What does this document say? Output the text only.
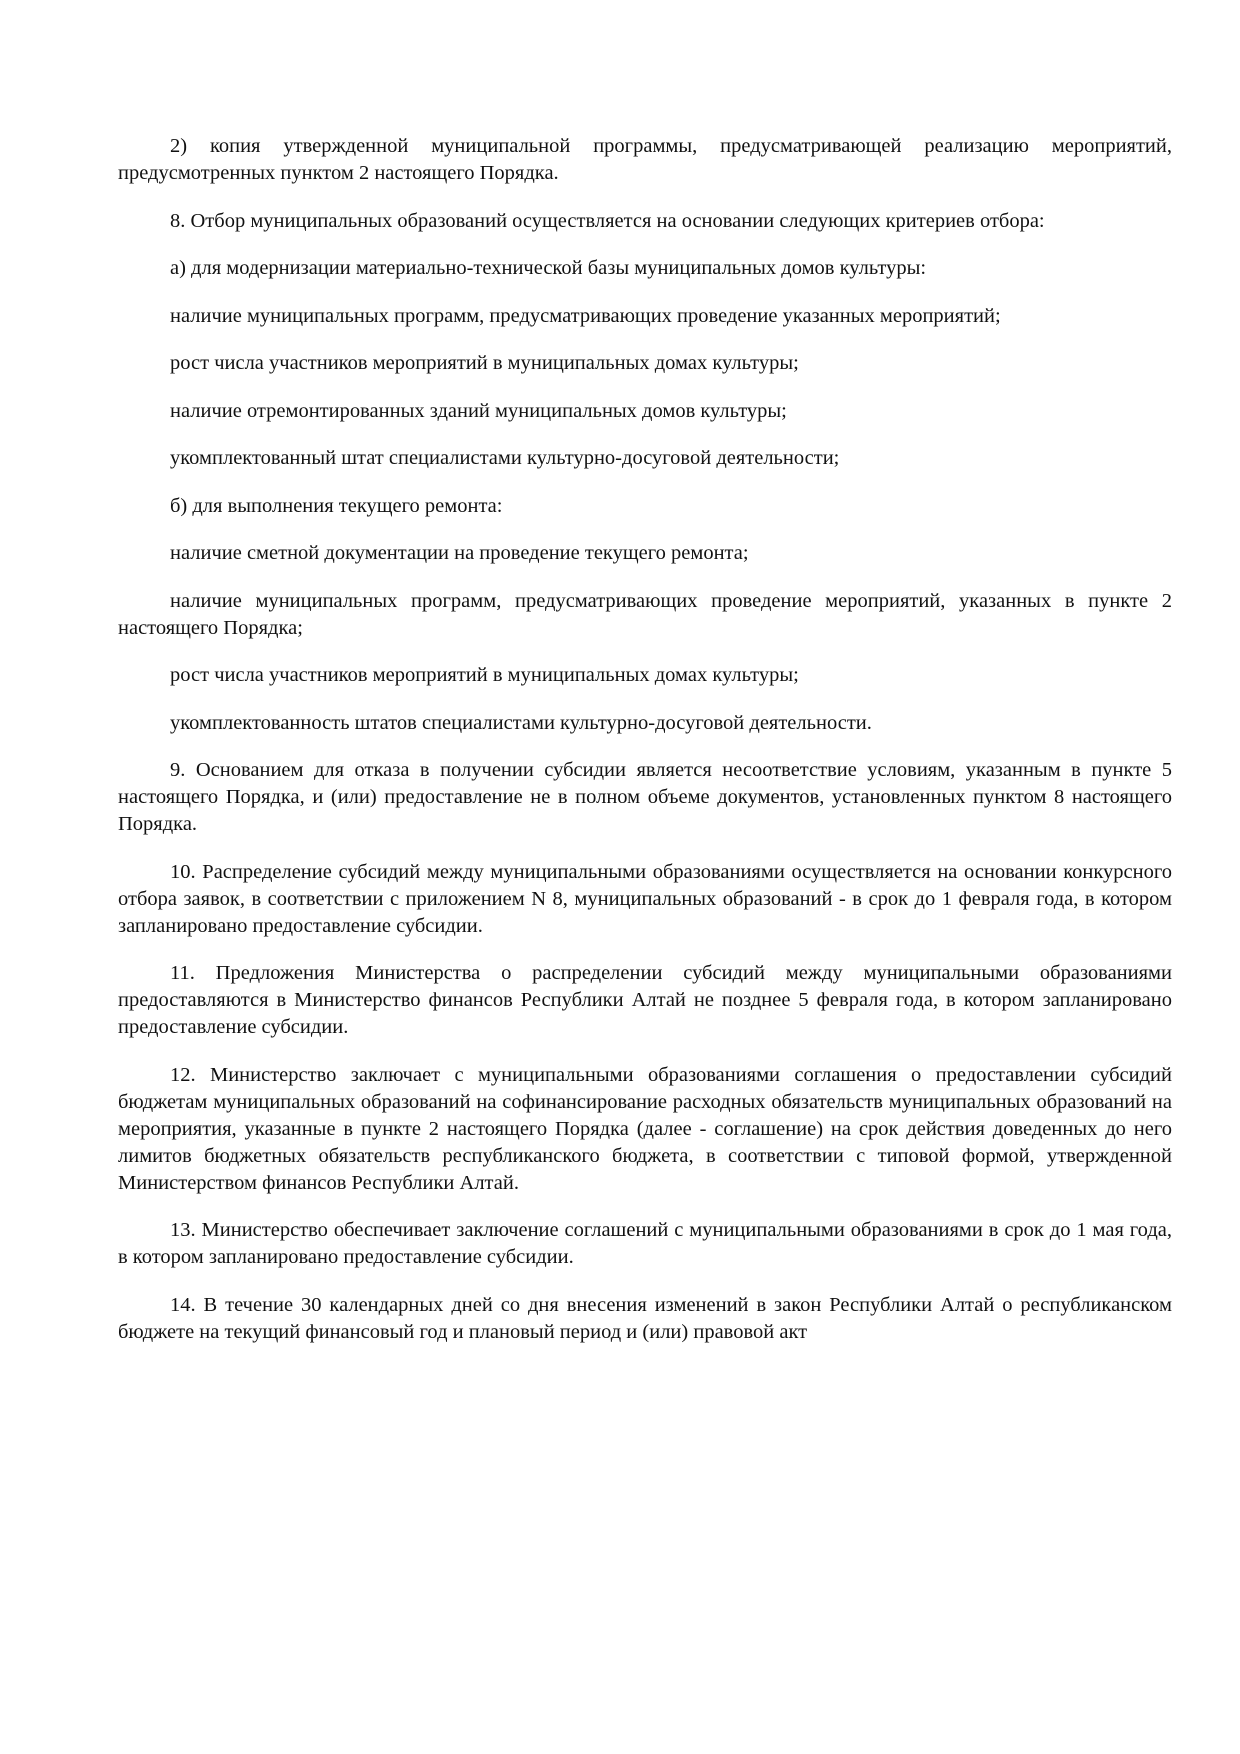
2) копия утвержденной муниципальной программы, предусматривающей реализацию мероприятий, предусмотренных пунктом 2 настоящего Порядка.

8. Отбор муниципальных образований осуществляется на основании следующих критериев отбора:

а) для модернизации материально-технической базы муниципальных домов культуры:

наличие муниципальных программ, предусматривающих проведение указанных мероприятий;

рост числа участников мероприятий в муниципальных домах культуры;

наличие отремонтированных зданий муниципальных домов культуры;

укомплектованный штат специалистами культурно-досуговой деятельности;

б) для выполнения текущего ремонта:

наличие сметной документации на проведение текущего ремонта;

наличие муниципальных программ, предусматривающих проведение мероприятий, указанных в пункте 2 настоящего Порядка;

рост числа участников мероприятий в муниципальных домах культуры;

укомплектованность штатов специалистами культурно-досуговой деятельности.

9. Основанием для отказа в получении субсидии является несоответствие условиям, указанным в пункте 5 настоящего Порядка, и (или) предоставление не в полном объеме документов, установленных пунктом 8 настоящего Порядка.

10. Распределение субсидий между муниципальными образованиями осуществляется на основании конкурсного отбора заявок, в соответствии с приложением N 8, муниципальных образований - в срок до 1 февраля года, в котором запланировано предоставление субсидии.

11. Предложения Министерства о распределении субсидий между муниципальными образованиями предоставляются в Министерство финансов Республики Алтай не позднее 5 февраля года, в котором запланировано предоставление субсидии.

12. Министерство заключает с муниципальными образованиями соглашения о предоставлении субсидий бюджетам муниципальных образований на софинансирование расходных обязательств муниципальных образований на мероприятия, указанные в пункте 2 настоящего Порядка (далее - соглашение) на срок действия доведенных до него лимитов бюджетных обязательств республиканского бюджета, в соответствии с типовой формой, утвержденной Министерством финансов Республики Алтай.

13. Министерство обеспечивает заключение соглашений с муниципальными образованиями в срок до 1 мая года, в котором запланировано предоставление субсидии.

14. В течение 30 календарных дней со дня внесения изменений в закон Республики Алтай о республиканском бюджете на текущий финансовый год и плановый период и (или) правовой акт
